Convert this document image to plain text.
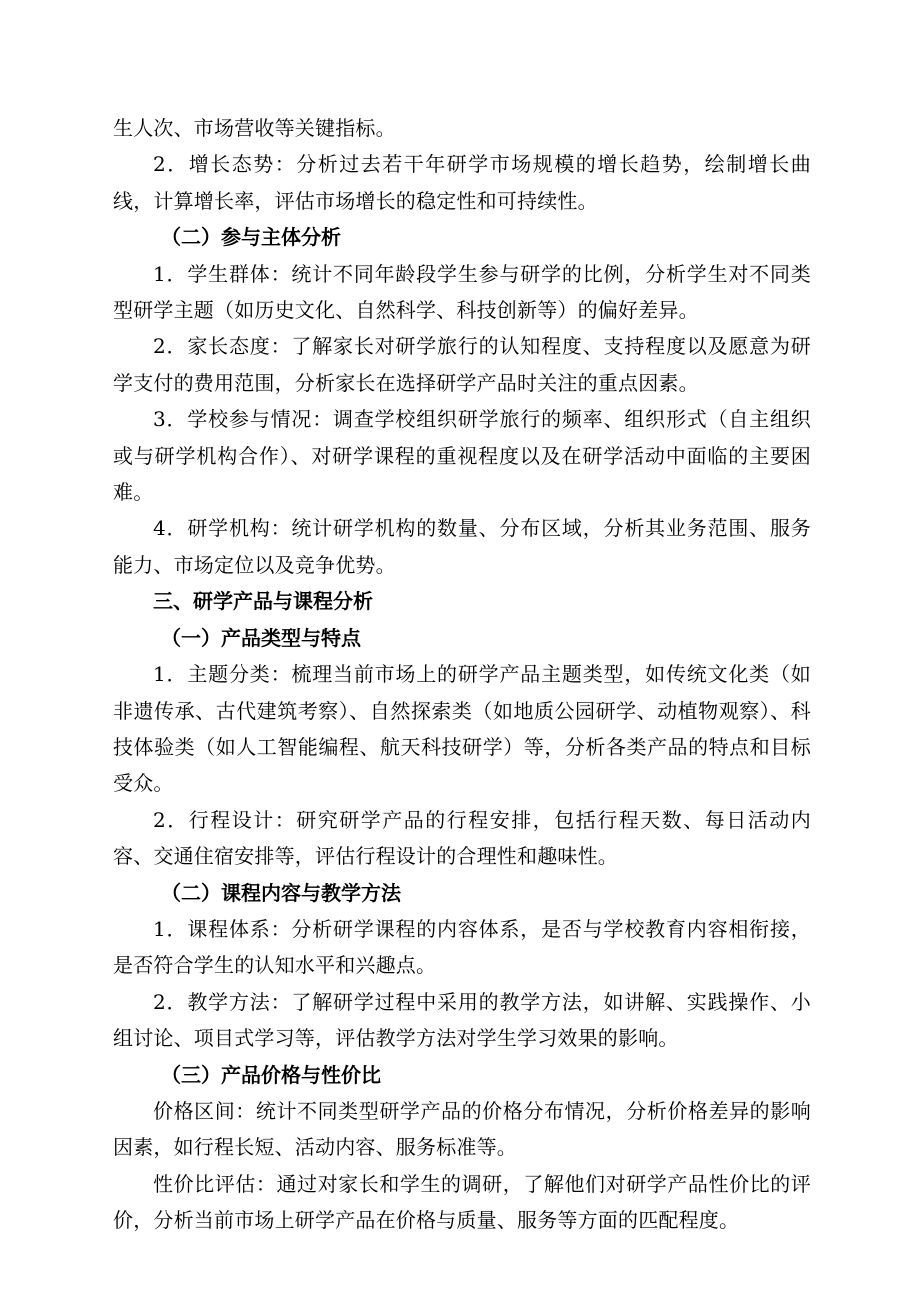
生人次、市场营收等关键指标。

2．增长态势：分析过去若干年研学市场规模的增长趋势，绘制增长曲线，计算增长率，评估市场增长的稳定性和可持续性。

（二）参与主体分析

1．学生群体：统计不同年龄段学生参与研学的比例，分析学生对不同类型研学主题（如历史文化、自然科学、科技创新等）的偏好差异。

2．家长态度：了解家长对研学旅行的认知程度、支持程度以及愿意为研学支付的费用范围，分析家长在选择研学产品时关注的重点因素。

3．学校参与情况：调查学校组织研学旅行的频率、组织形式（自主组织或与研学机构合作）、对研学课程的重视程度以及在研学活动中面临的主要困难。

4．研学机构：统计研学机构的数量、分布区域，分析其业务范围、服务能力、市场定位以及竞争优势。

三、研学产品与课程分析

（一）产品类型与特点

1．主题分类：梳理当前市场上的研学产品主题类型，如传统文化类（如非遗传承、古代建筑考察）、自然探索类（如地质公园研学、动植物观察）、科技体验类（如人工智能编程、航天科技研学）等，分析各类产品的特点和目标受众。

2．行程设计：研究研学产品的行程安排，包括行程天数、每日活动内容、交通住宿安排等，评估行程设计的合理性和趣味性。

（二）课程内容与教学方法

1．课程体系：分析研学课程的内容体系，是否与学校教育内容相衔接，是否符合学生的认知水平和兴趣点。

2．教学方法：了解研学过程中采用的教学方法，如讲解、实践操作、小组讨论、项目式学习等，评估教学方法对学生学习效果的影响。

（三）产品价格与性价比

价格区间：统计不同类型研学产品的价格分布情况，分析价格差异的影响因素，如行程长短、活动内容、服务标准等。

性价比评估：通过对家长和学生的调研，了解他们对研学产品性价比的评价，分析当前市场上研学产品在价格与质量、服务等方面的匹配程度。
